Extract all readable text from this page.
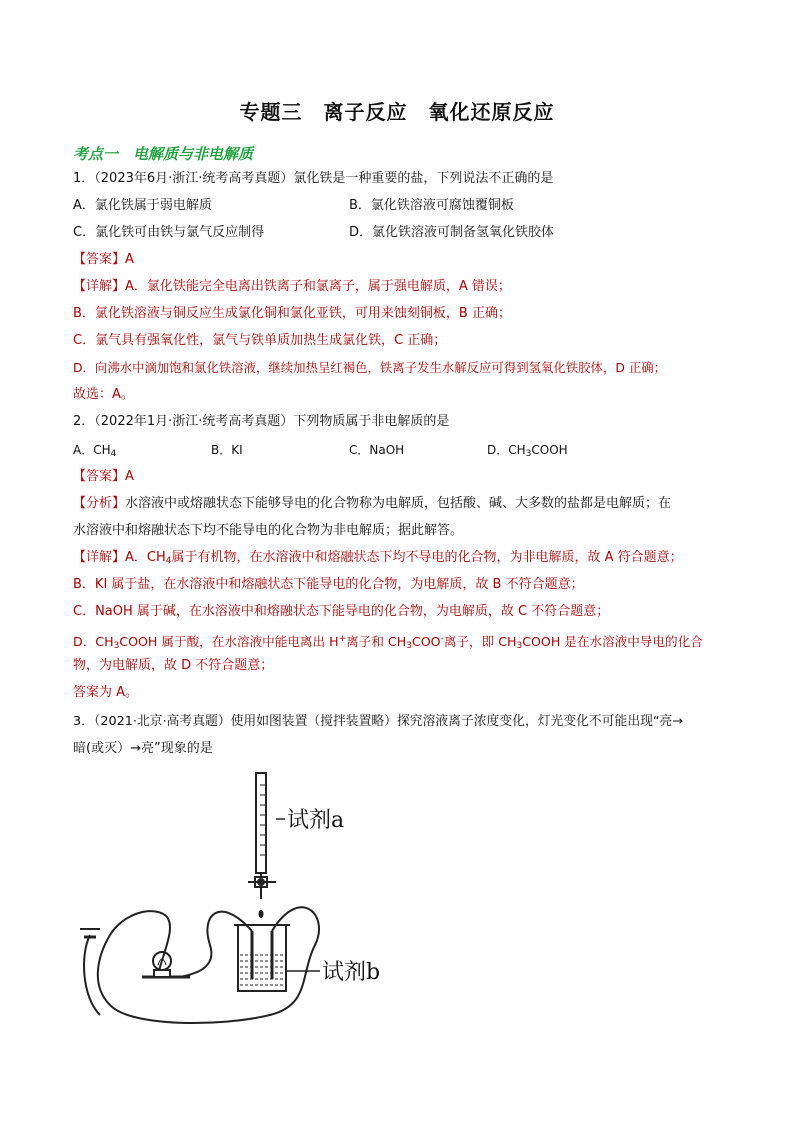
专题三　离子反应　氧化还原反应
考点一　电解质与非电解质
1．（2023年6月·浙江·统考高考真题）氯化铁是一种重要的盐，下列说法不正确的是
A．氯化铁属于弱电解质	B．氯化铁溶液可腐蚀覆铜板
C．氯化铁可由铁与氯气反应制得	D．氯化铁溶液可制备氢氧化铁胶体
【答案】A
【详解】A．氯化铁能完全电离出铁离子和氯离子，属于强电解质，A 错误；
B．氯化铁溶液与铜反应生成氯化铜和氯化亚铁，可用来蚀刻铜板，B 正确；
C．氯气具有强氧化性，氯气与铁单质加热生成氯化铁，C 正确；
D．向沸水中滴加饱和氯化铁溶液，继续加热呈红褐色，铁离子发生水解反应可得到氢氧化铁胶体，D 正确；
故选：A。
2．（2022年1月·浙江·统考高考真题）下列物质属于非电解质的是
A．$CH_4$	B．KI	C．NaOH	D．$CH_3COOH$
【答案】A
【分析】水溶液中或熔融状态下能够导电的化合物称为电解质，包括酸、碱、大多数的盐都是电解质；在
水溶液中和熔融状态下均不能导电的化合物为非电解质；据此解答。
【详解】A．$CH_4$属于有机物，在水溶液中和熔融状态下均不导电的化合物，为非电解质，故 A 符合题意；
B．KI 属于盐，在水溶液中和熔融状态下能导电的化合物，为电解质，故 B 不符合题意；
C．NaOH 属于碱，在水溶液中和熔融状态下能导电的化合物，为电解质，故 C 不符合题意；
D．$CH_3COOH$ 属于酸，在水溶液中能电离出 H+离子和 $CH_3COO^-$离子，即 $CH_3COOH$ 是在水溶液中导电的化合
物，为电解质，故 D 不符合题意；
答案为 A。
3．（2021·北京·高考真题）使用如图装置（搅拌装置略）探究溶液离子浓度变化，灯光变化不可能出现“亮→
暗(或灭）→亮”现象的是
试剂a
试剂b
